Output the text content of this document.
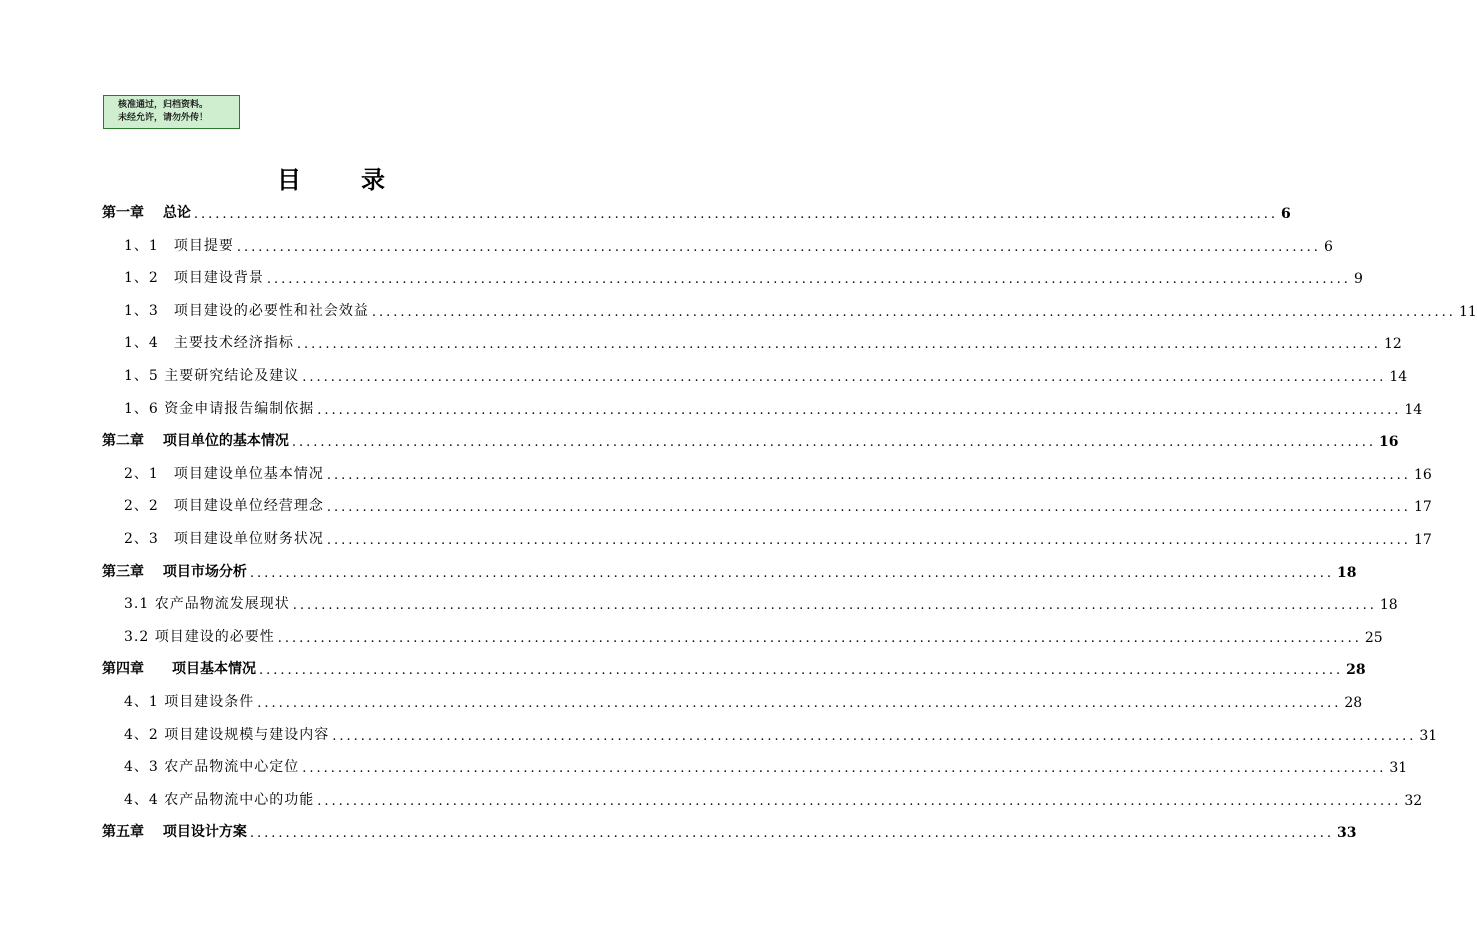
核准通过，归档资料。
未经允许，请勿外传！
目	录
第一章　 总论 ........................................................................................................................................................ 6
1、1　项目提要 ........................................................................................................................................................ 6
1、2　项目建设背景 ........................................................................................................................................................ 9
1、3　项目建设的必要性和社会效益 ........................................................................................................................................................ 11
1、4　主要技术经济指标 ........................................................................................................................................................ 12
1、5 主要研究结论及建议 ........................................................................................................................................................ 14
1、6 资金申请报告编制依据 ........................................................................................................................................................ 14
第二章　 项目单位的基本情况 ........................................................................................................................................................ 16
2、1　项目建设单位基本情况 ........................................................................................................................................................ 16
2、2　项目建设单位经营理念 ........................................................................................................................................................ 17
2、3　项目建设单位财务状况 ........................................................................................................................................................ 17
第三章　 项目市场分析 ........................................................................................................................................................ 18
3.1 农产品物流发展现状 ........................................................................................................................................................ 18
3.2 项目建设的必要性 ........................................................................................................................................................ 25
第四章　　项目基本情况 ........................................................................................................................................................ 28
4、1 项目建设条件 ........................................................................................................................................................ 28
4、2 项目建设规模与建设内容 ........................................................................................................................................................ 31
4、3 农产品物流中心定位 ........................................................................................................................................................ 31
4、4 农产品物流中心的功能 ........................................................................................................................................................ 32
第五章　 项目设计方案 ........................................................................................................................................................ 33
